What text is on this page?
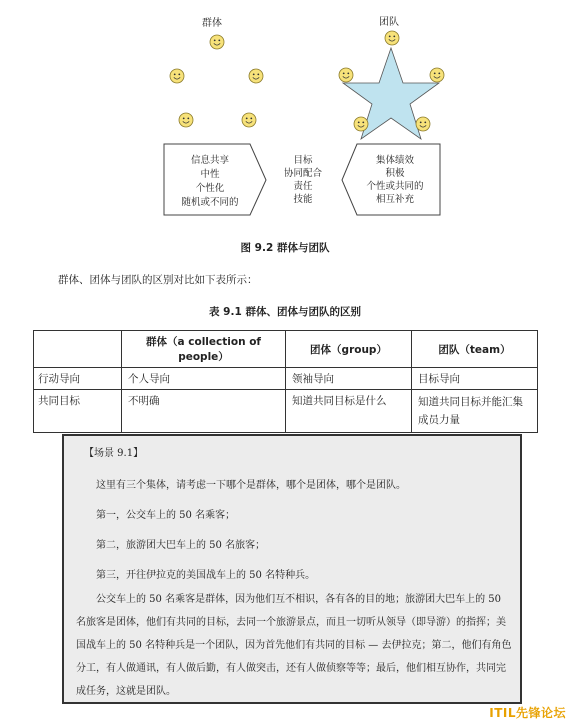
群体	团队
信息共享
中性
个性化
随机或不同的
目标
协同配合
责任
技能
集体绩效
积极
个性或共同的
相互补充
图 9.2 群体与团队
群体、团体与团队的区别对比如下表所示：
表 9.1 群体、团体与团队的区别
	群体（a collection of people）	团体（group）	团队（team）
行动导向	个人导向	领袖导向	目标导向
共同目标	不明确	知道共同目标是什么	知道共同目标并能汇集成员力量

【场景 9.1】

这里有三个集体，请考虑一下哪个是群体，哪个是团体，哪个是团队。

第一，公交车上的 50 名乘客；

第二，旅游团大巴车上的 50 名旅客；

第三，开往伊拉克的美国战车上的 50 名特种兵。

公交车上的 50 名乘客是群体，因为他们互不相识，各有各的目的地；旅游团大巴车上的 50 名旅客是团体，他们有共同的目标，去同一个旅游景点，而且一切听从领导（即导游）的指挥；美国战车上的 50 名特种兵是一个团队，因为首先他们有共同的目标 — 去伊拉克；第二，他们有角色分工，有人做通讯，有人做后勤，有人做突击，还有人做侦察等等；最后，他们相互协作，共同完成任务，这就是团队。

ITIL先锋论坛
